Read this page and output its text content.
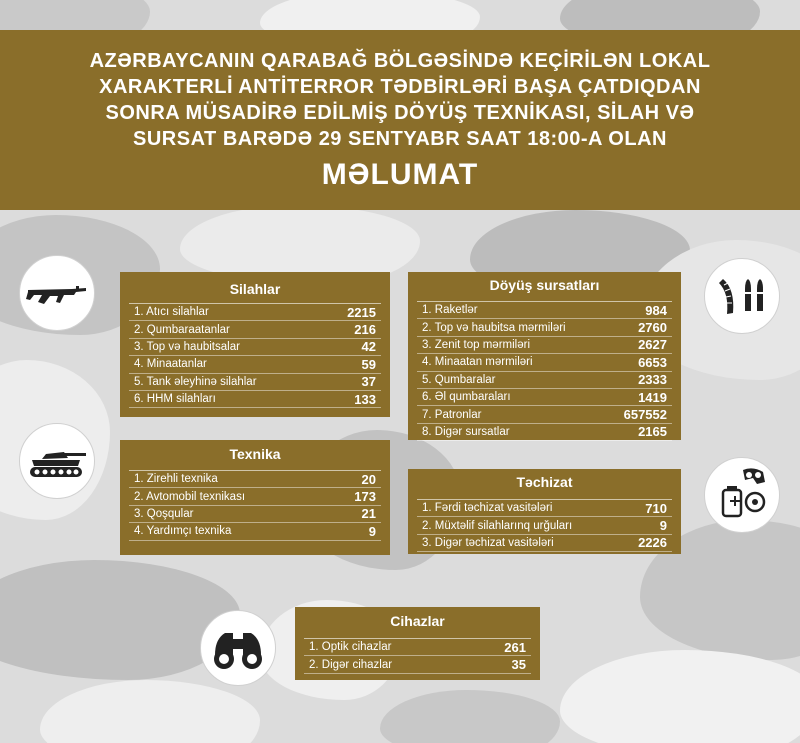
AZƏRBAYCANIN QARABAĞ BÖLGƏSİNDƏ KEÇİRİLƏN LOKAL
XARAKTERLİ ANTİTERROR TƏDBİRLƏRİ BAŞA ÇATDIQDAN
SONRA MÜSADİRƏ EDİLMİŞ DÖYÜŞ TEXNİKASI, SİLAH VƏ
SURSAT BARƏDƏ 29 SENTYABR SAAT 18:00-A OLAN
MƏLUMAT
Silahlar
1. Atıcı silahlar	2215
2. Qumbaraatanlar	216
3. Top və haubitsalar	42
4. Minaatanlar	59
5. Tank əleyhinə silahlar	37
6. HHM silahları	133
Döyüş sursatları
1. Raketlər	984
2. Top və haubitsa mərmiləri	2760
3. Zenit top mərmiləri	2627
4. Minaatan mərmiləri	6653
5. Qumbaralar	2333
6. Əl qumbaraları	1419
7. Patronlar	657552
8. Digər sursatlar	2165
Texnika
1. Zirehli texnika	20
2. Avtomobil texnikası	173
3. Qoşqular	21
4. Yardımçı texnika	9
Təchizat
1. Fərdi təchizat vasitələri	710
2. Müxtəlif silahlarınq urğuları	9
3. Digər təchizat vasitələri	2226
Cihazlar
1. Optik cihazlar	261
2. Digər cihazlar	35
